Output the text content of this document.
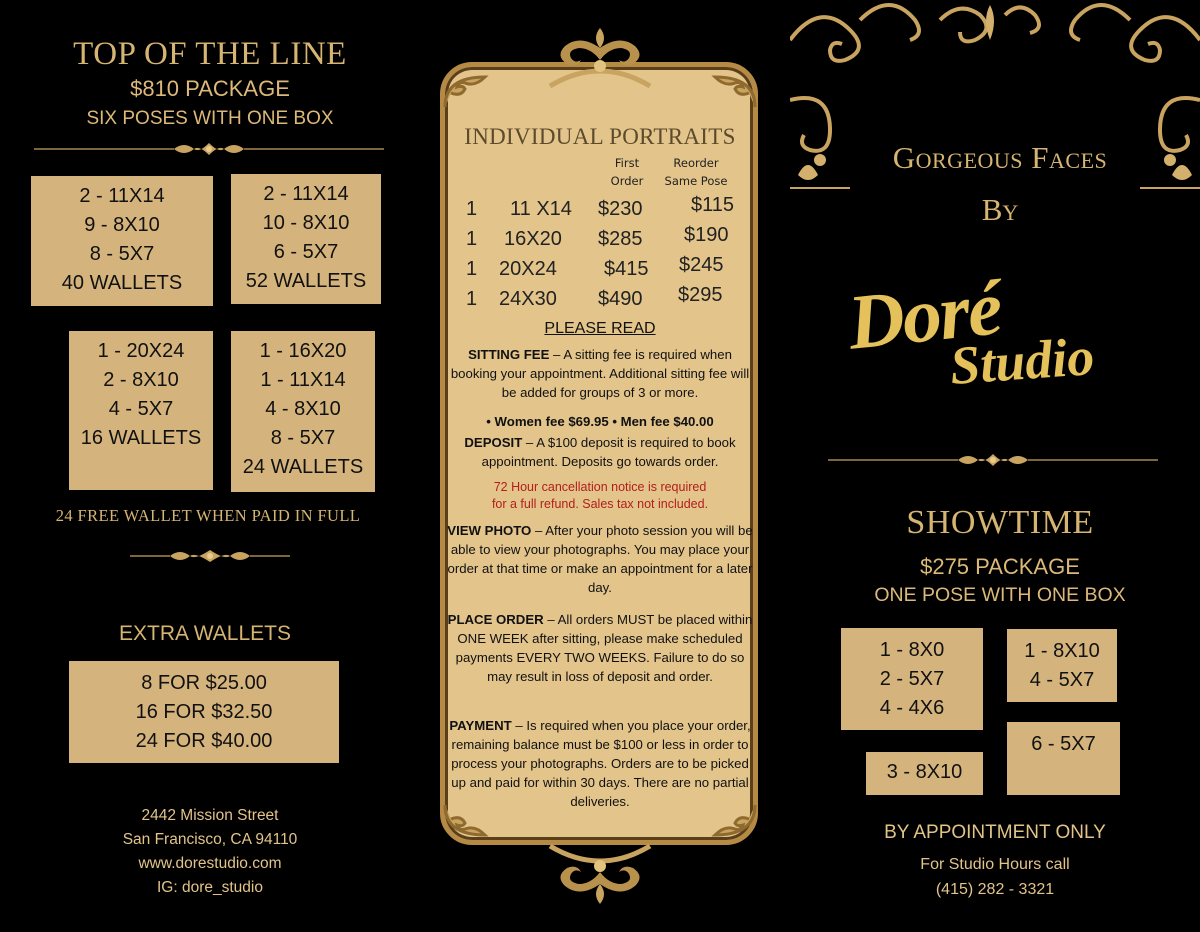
TOP OF THE LINE
$810 PACKAGE
SIX POSES WITH ONE BOX
2 - 11X14
9 - 8X10
8 - 5X7
40 WALLETS
2 - 11X14
10 - 8X10
6 - 5X7
52 WALLETS
1 - 20X24
2 - 8X10
4 - 5X7
16 WALLETS
1 - 16X20
1 - 11X14
4 - 8X10
8 - 5X7
24 WALLETS
24 FREE WALLET WHEN PAID IN FULL
EXTRA WALLETS
8 FOR $25.00
16 FOR $32.50
24 FOR $40.00
2442 Mission Street
San Francisco, CA 94110
www.dorestudio.com
IG: dore_studio
INDIVIDUAL PORTRAITS
First
Order
Reorder
Same Pose
1 11 X14 $230 $115
1 16X20 $285 $190
1 20X24 $415 $245
1 24X30 $490 $295
PLEASE READ
SITTING FEE – A sitting fee is required when booking your appointment. Additional sitting fee will be added for groups of 3 or more.
• Women fee $69.95 • Men fee $40.00
DEPOSIT – A $100 deposit is required to book appointment. Deposits go towards order.
72 Hour cancellation notice is required for a full refund. Sales tax not included.
VIEW PHOTO – After your photo session you will be able to view your photographs. You may place your order at that time or make an appointment for a later day.
PLACE ORDER – All orders MUST be placed within ONE WEEK after sitting, please make scheduled payments EVERY TWO WEEKS. Failure to do so may result in loss of deposit and order.
PAYMENT – Is required when you place your order, remaining balance must be $100 or less in order to process your photographs. Orders are to be picked up and paid for within 30 days. There are no partial deliveries.
Gorgeous Faces
By
Doré
Studio
SHOWTIME
$275 PACKAGE
ONE POSE WITH ONE BOX
1 - 8X0
2 - 5X7
4 - 4X6
1 - 8X10
4 - 5X7
6 - 5X7
3 - 8X10
BY APPOINTMENT ONLY
For Studio Hours call
(415) 282 - 3321
